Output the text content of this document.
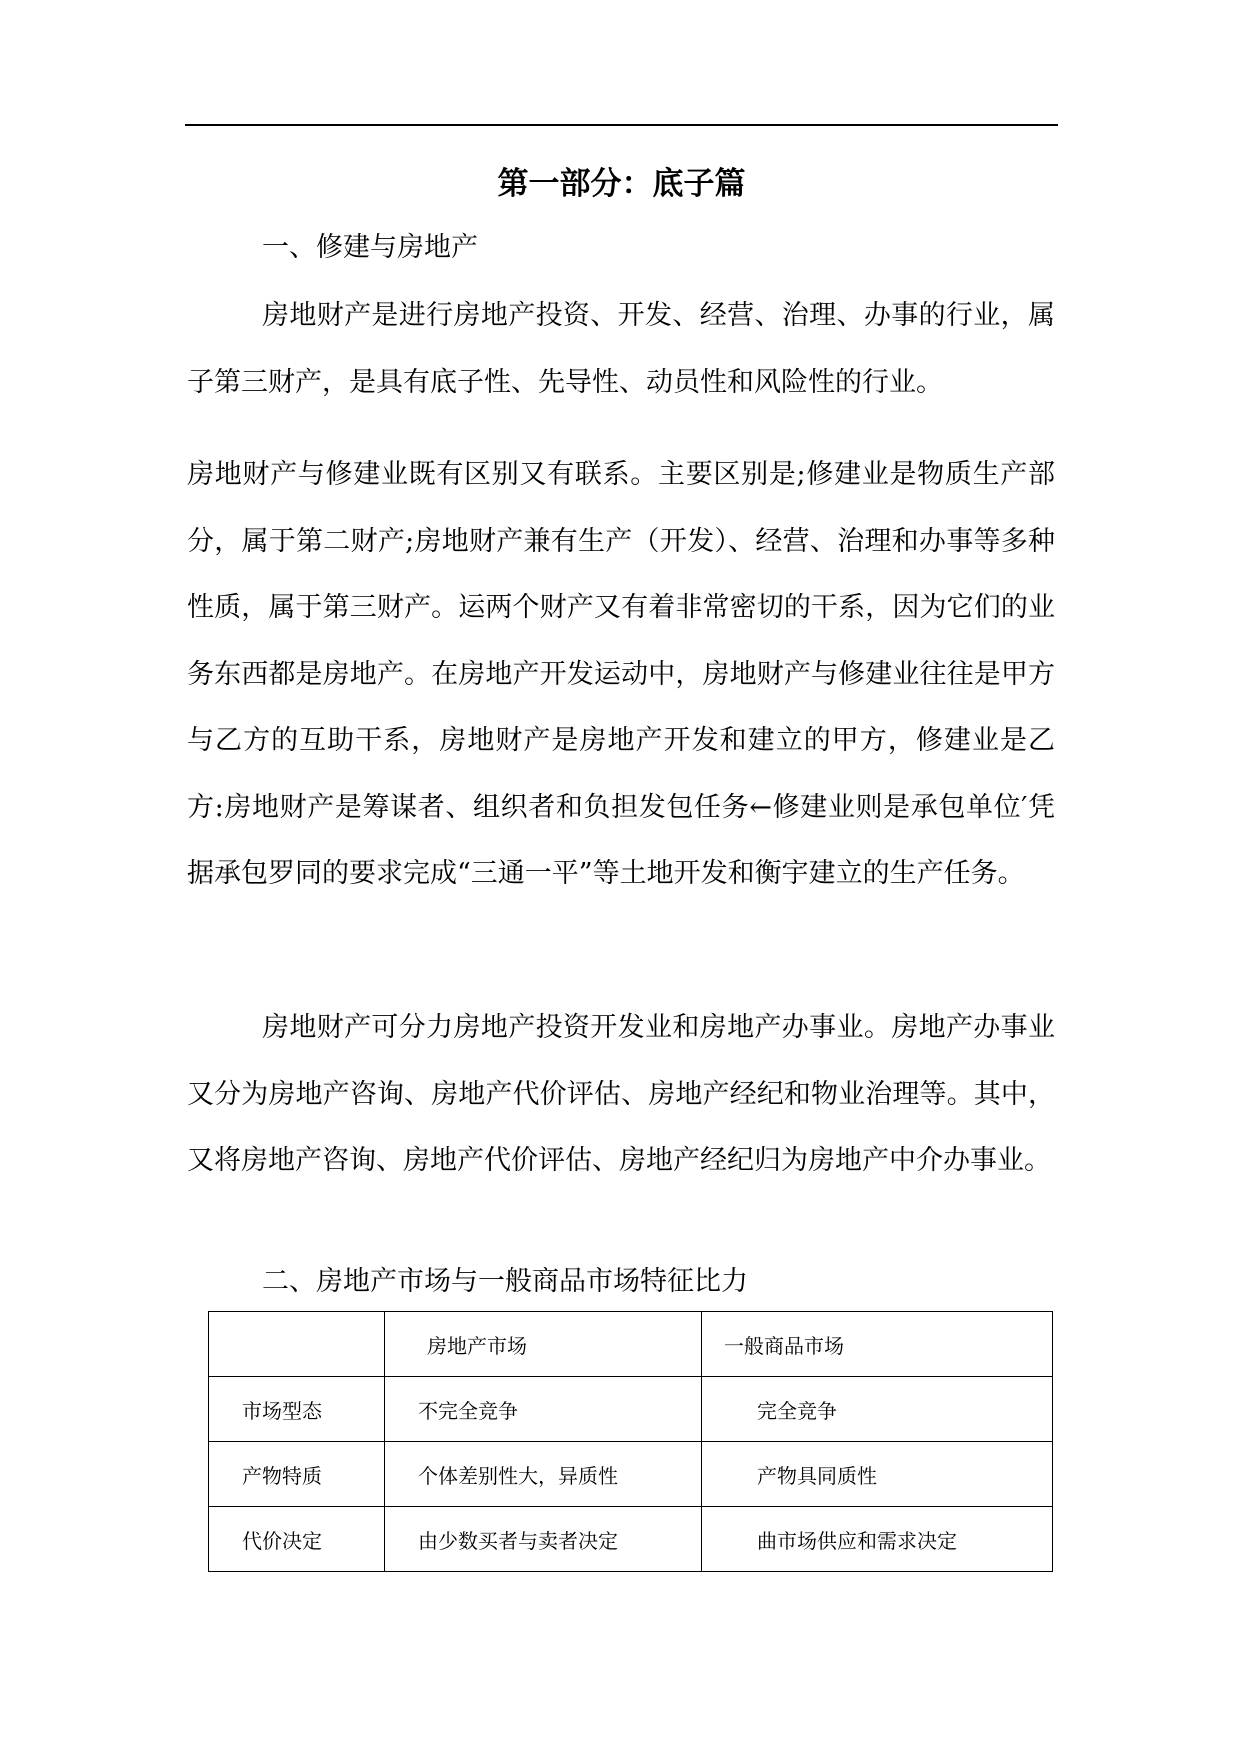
第一部分：底子篇
一、修建与房地产

房地财产是进行房地产投资、开发、经营、治理、办事的行业，属子第三财产，是具有底子性、先导性、动员性和风险性的行业。

房地财产与修建业既有区别又有联系。主要区别是;修建业是物质生产部分，属于第二财产;房地财产兼有生产（开发）、经营、治理和办事等多种性质，属于第三财产。运两个财产又有着非常密切的干系，因为它们的业务东西都是房地产。在房地产开发运动中，房地财产与修建业往往是甲方与乙方的互助干系，房地财产是房地产开发和建立的甲方，修建业是乙方:房地财产是筹谋者、组织者和负担发包任务←修建业则是承包单位′凭据承包罗同的要求完成“三通一平”等土地开发和衡宇建立的生产任务。

房地财产可分力房地产投资开发业和房地产办事业。房地产办事业又分为房地产咨询、房地产代价评估、房地产经纪和物业治理等。其中，又将房地产咨询、房地产代价评估、房地产经纪归为房地产中介办事业。

二、房地产市场与一般商品市场特征比力

	房地产市场	一般商品市场

市场型态	不完全竞争	完全竞争

产物特质	个体差别性大，异质性	产物具同质性

代价决定	由少数买者与卖者决定	曲市场供应和需求决定
